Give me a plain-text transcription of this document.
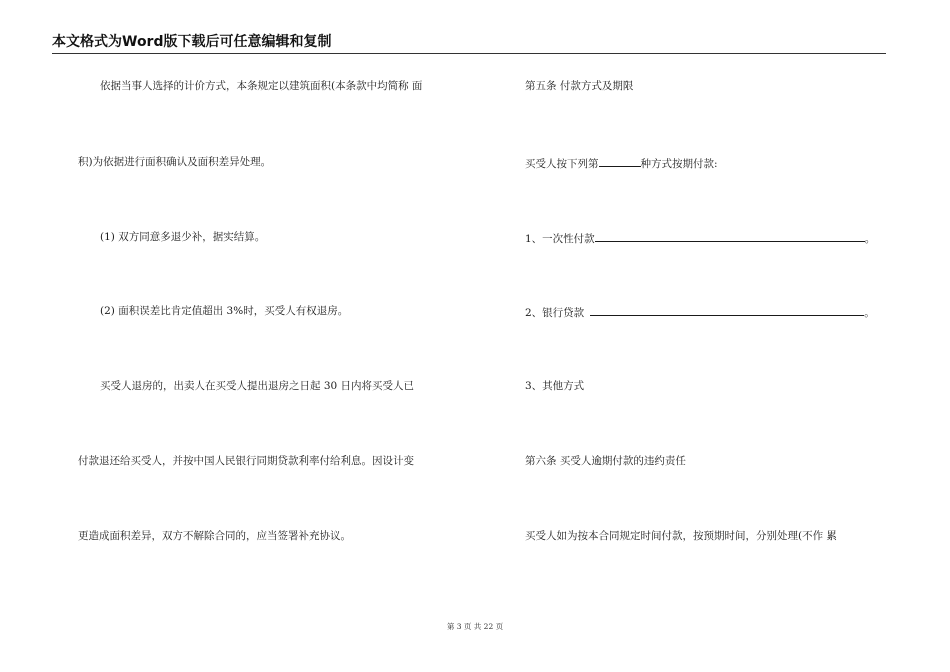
本文格式为Word版下载后可任意编辑和复制
依据当事人选择的计价方式，本条规定以建筑面积(本条款中均简称 面
积)为依据进行面积确认及面积差异处理。
(1) 双方同意多退少补，据实结算。
(2) 面积误差比肯定值超出 3%时，买受人有权退房。
买受人退房的，出卖人在买受人提出退房之日起 30 日内将买受人已
付款退还给买受人，并按中国人民银行同期贷款利率付给利息。因设计变
更造成面积差异，双方不解除合同的，应当签署补充协议。
第五条 付款方式及期限
买受人按下列第	种方式按期付款:
1、一次性付款	。
2、银行贷款	。
3、其他方式
第六条 买受人逾期付款的违约责任
买受人如为按本合同规定时间付款，按预期时间，分别处理(不作 累
第 3 页 共 22 页
